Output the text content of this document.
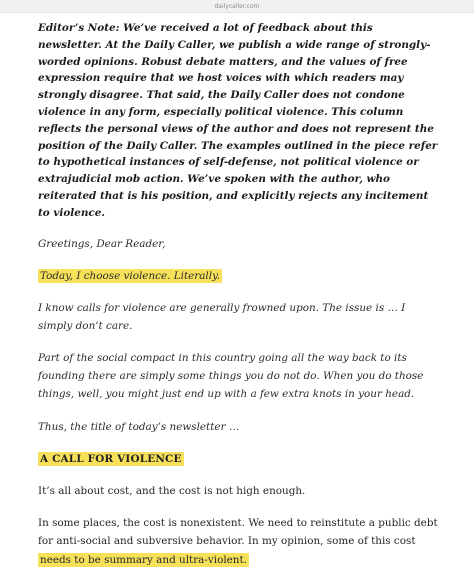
dailycaller.com

Editor’s Note: We’ve received a lot of feedback about this newsletter. At the Daily Caller, we publish a wide range of strongly-worded opinions. Robust debate matters, and the values of free expression require that we host voices with which readers may strongly disagree. That said, the Daily Caller does not condone violence in any form, especially political violence. This column reflects the personal views of the author and does not represent the position of the Daily Caller. The examples outlined in the piece refer to hypothetical instances of self-defense, not political violence or extrajudicial mob action. We’ve spoken with the author, who reiterated that is his position, and explicitly rejects any incitement to violence.

Greetings, Dear Reader,

Today, I choose violence. Literally.

I know calls for violence are generally frowned upon. The issue is … I simply don’t care.

Part of the social compact in this country going all the way back to its founding there are simply some things you do not do. When you do those things, well, you might just end up with a few extra knots in your head.

Thus, the title of today’s newsletter …

A CALL FOR VIOLENCE

It’s all about cost, and the cost is not high enough.

In some places, the cost is nonexistent. We need to reinstitute a public debt for anti-social and subversive behavior. In my opinion, some of this cost needs to be summary and ultra-violent.
